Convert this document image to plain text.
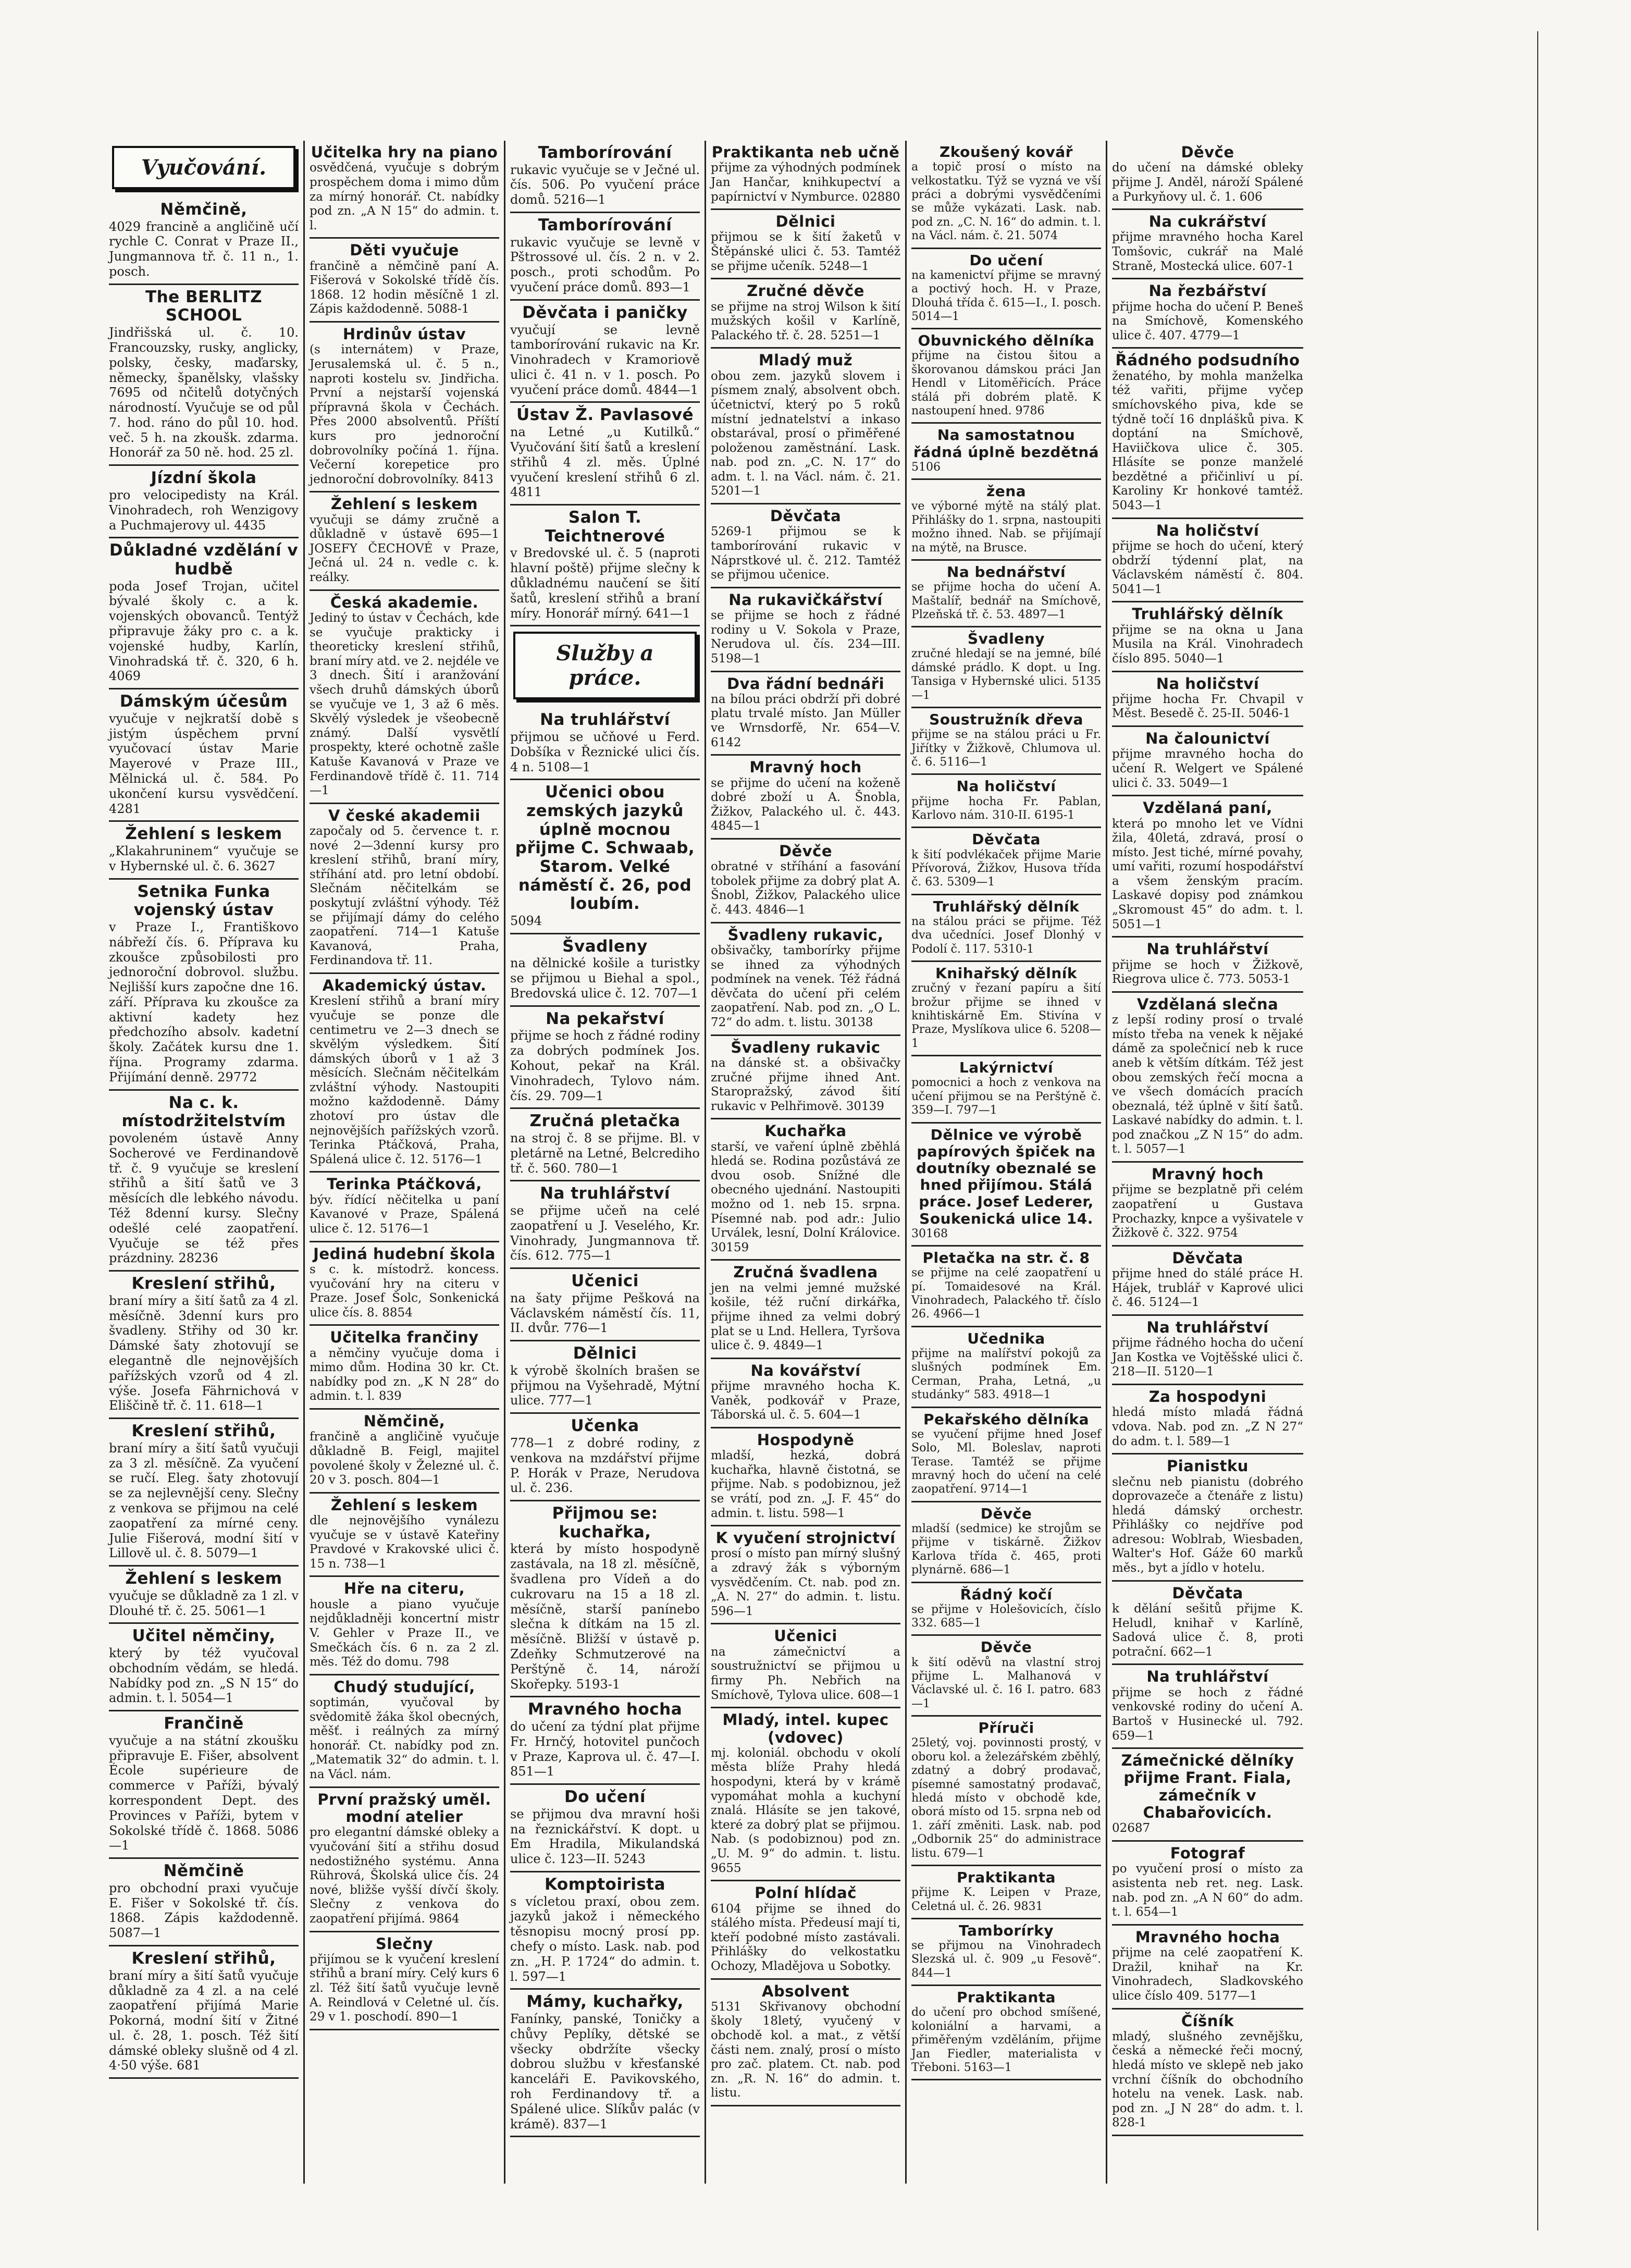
Vyučování.
Němčině,
4029 francině a angličině učí rychle C. Conrat v Praze II., Jungmannova tř. č. 11 n., 1. posch.
The BERLITZ SCHOOL
Jindřišská ul. č. 10. Francouzsky, rusky, anglicky, polsky, česky, maďarsky, německy, španělsky, vlašsky 7695 od nčitelů dotyčných národností. Vyučuje se od půl 7. hod. ráno do půl 10. hod. več. 5 h. na zkoušk. zdarma. Honorář za 50 ně. hod. 25 zl.
Jízdní škola
pro velocipedisty na Král. Vinohradech, roh Wenzigovy a Puchmajerovy ul. 4435
Důkladné vzdělání v hudbě
poda Josef Trojan, učitel bývalé školy c. a k. vojenských obovanců. Tentýž připravuje žáky pro c. a k. vojenské hudby, Karlín, Vinohradská tř. č. 320, 6 h. 4069
Dámským účesům
vyučuje v nejkratší době s jistým úspěchem první vyučovací ústav Marie Mayerové v Praze III., Mělnická ul. č. 584. Po ukončení kursu vysvědčení. 4281
Žehlení s leskem
„Klakahruninem“ vyučuje se v Hybernské ul. č. 6. 3627
Setnika Funka vojenský ústav
v Praze I., Františkovo nábřeží čís. 6. Příprava ku zkoušce způsobilosti pro jednoroční dobrovol. službu. Nejlišší kurs započne dne 16. září. Příprava ku zkoušce za aktivní kadety hez předchozího absolv. kadetní školy. Začátek kursu dne 1. října. Programy zdarma. Přijímání denně. 29772
Na c. k. místodržitelstvím
povoleném ústavě Anny Socherové ve Ferdinandově tř. č. 9 vyučuje se kreslení střihů a šití šatů ve 3 měsících dle lebkého návodu. Též 8denní kursy. Slečny odešlé celé zaopatření. Vyučuje se též přes prázdniny. 28236
Kreslení střihů,
braní míry a šití šatů za 4 zl. měsíčně. 3denní kurs pro švadleny. Střihy od 30 kr. Dámské šaty zhotovují se elegantně dle nejnovějších pařížských vzorů od 4 zl. výše. Josefa Fährnichová v Eliščině tř. č. 11. 618—1
Kreslení střihů,
braní míry a šití šatů vyučuji za 3 zl. měsíčně. Za vyučení se ručí. Eleg. šaty zhotovují se za nejlevnější ceny. Slečny z venkova se přijmou na celé zaopatření za mírné ceny. Julie Fišerová, modní šití v Lillově ul. č. 8. 5079—1
Žehlení s leskem
vyučuje se důkladně za 1 zl. v Dlouhé tř. č. 25. 5061—1
Učitel němčiny,
který by též vyučoval obchodním vědám, se hledá. Nabídky pod zn. „S N 15“ do admin. t. l. 5054—1
Frančině
vyučuje a na státní zkoušku připravuje E. Fišer, absolvent École supérieure de commerce v Paříži, bývalý korrespondent Dept. des Provinces v Paříži, bytem v Sokolské třídě č. 1868. 5086—1
Němčině
pro obchodní praxi vyučuje E. Fišer v Sokolské tř. čís. 1868. Zápis každodenně. 5087—1
Kreslení střihů,
braní míry a šití šatů vyučuje důkladně za 4 zl. a na celé zaopatření přijímá Marie Pokorná, modní šití v Žitné ul. č. 28, 1. posch. Též šití dámské obleky slušně od 4 zl. 4·50 výše. 681
Učitelka hry na piano
osvědčená, vyučuje s dobrým prospěchem doma i mimo dům za mírný honorář. Ct. nabídky pod zn. „A N 15“ do admin. t. l.
Děti vyučuje
frančině a němčině paní A. Fišerová v Sokolské třídě čís. 1868. 12 hodin měsíčně 1 zl. Zápis každodenně. 5088-1
Hrdinův ústav
(s internátem) v Praze, Jerusalemská ul. č. 5 n., naproti kostelu sv. Jindřicha. První a nejstarší vojenská přípravná škola v Čechách. Přes 2000 absolventů. Příští kurs pro jednoroční dobrovolníky počíná 1. října. Večerní korepetice pro jednoroční dobrovolníky. 8413
Žehlení s leskem
vyučuji se dámy zručně a důkladně v ústavě 695—1 JOSEFY ČECHOVÉ v Praze, Ječná ul. 24 n. vedle c. k. reálky.
Česká akademie.
Jediný to ústav v Čechách, kde se vyučuje prakticky i theoreticky kreslení střihů, braní míry atd. ve 2. nejdéle ve 3 dnech. Šití i aranžování všech druhů dámských úborů se vyučuje ve 1, 3 až 6 měs. Skvělý výsledek je všeobecně známý. Další vysvětlí prospekty, které ochotně zašle Katuše Kavanová v Praze ve Ferdinandově třídě č. 11. 714—1
V české akademii
započaly od 5. července t. r. nové 2—3denní kursy pro kreslení střihů, braní míry, stříhání atd. pro letní období. Slečnám něčitelkám se poskytují zvláštní výhody. Též se přijímají dámy do celého zaopatření. 714—1 Katuše Kavanová, Praha, Ferdinandova tř. 11.
Akademický ústav.
Kreslení střihů a braní míry vyučuje se ponze dle centimetru ve 2—3 dnech se skvělým výsledkem. Šití dámských úborů v 1 až 3 měsících. Slečnám něčitelkám zvláštní výhody. Nastoupiti možno každodenně. Dámy zhotoví pro ústav dle nejnovějších pařížských vzorů. Terinka Ptáčková, Praha, Spálená ulice č. 12. 5176—1
Terinka Ptáčková,
býv. řídící něčitelka u paní Kavanové v Praze, Spálená ulice č. 12. 5176—1
Jediná hudební škola
s c. k. místodrž. koncess. vyučování hry na citeru v Praze. Josef Šolc, Sonkenická ulice čís. 8. 8854
Učitelka frančiny
a němčiny vyučuje doma i mimo dům. Hodina 30 kr. Ct. nabídky pod zn. „K N 28“ do admin. t. l. 839
Němčině,
frančině a angličině vyučuje důkladně B. Feigl, majitel povolené školy v Železné ul. č. 20 v 3. posch. 804—1
Žehlení s leskem
dle nejnovějšího vynálezu vyučuje se v ústavě Kateřiny Pravdové v Krakovské ulici č. 15 n. 738—1
Hře na citeru,
housle a piano vyučuje nejdůkladněji koncertní mistr V. Gehler v Praze II., ve Smečkách čís. 6 n. za 2 zl. měs. Též do domu. 798
Chudý studující,
soptimán, vyučoval by svědomitě žáka škol obecných, měšť. i reálných za mírný honorář. Ct. nabídky pod zn. „Matematik 32“ do admin. t. l. na Václ. nám.
První pražský uměl. modní atelier
pro elegantní dámské obleky a vyučování šití a střihu dosud nedostižného systému. Anna Rührová, Školská ulice čís. 24 nové, bližše vyšší dívčí školy. Slečny z venkova do zaopatření přijímá. 9864
Slečny
přijímou se k vyučení kreslení střihů a braní míry. Celý kurs 6 zl. Též šití šatů vyučuje levně A. Reindlová v Celetné ul. čís. 29 v 1. poschodí. 890—1
Tamborírování
rukavic vyučuje se v Ječné ul. čís. 506. Po vyučení práce domů. 5216—1
Tamborírování
rukavic vyučuje se levně v Pštrossové ul. čís. 2 n. v 2. posch., proti schodům. Po vyučení práce domů. 893—1
Děvčata i paničky
vyučují se levně tamborírování rukavic na Kr. Vinohradech v Kramoriově ulici č. 41 n. v 1. posch. Po vyučení práce domů. 4844—1
Ústav Ž. Pavlasové
na Letné „u Kutilků.“ Vyučování šití šatů a kreslení střihů 4 zl. měs. Úplné vyučení kreslení střihů 6 zl. 4811
Salon T. Teichtnerové
v Bredovské ul. č. 5 (naproti hlavní poště) přijme slečny k důkladnému naučení se šití šatů, kreslení střihů a braní míry. Honorář mírný. 641—1
Služby a práce.
Na truhlářství
přijmou se učňové u Ferd. Dobšíka v Řeznické ulici čís. 4 n. 5108—1
Učenici obou zemských jazyků úplně mocnou přijme C. Schwaab, Starom. Velké náměstí č. 26, pod loubím.
5094
Švadleny
na dělnické košile a turistky se přijmou u Biehal a spol., Bredovská ulice č. 12. 707—1
Na pekařství
přijme se hoch z řádné rodiny za dobrých podmínek Jos. Kohout, pekař na Král. Vinohradech, Tylovo nám. čís. 29. 709—1
Zručná pletačka
na stroj č. 8 se přijme. Bl. v pletárně na Letné, Belcrediho tř. č. 560. 780—1
Na truhlářství
se přijme učeň na celé zaopatření u J. Veselého, Kr. Vinohrady, Jungmannova tř. čís. 612. 775—1
Učenici
na šaty přijme Pešková na Václavském náměstí čís. 11, II. dvůr. 776—1
Dělnici
k výrobě školních brašen se přijmou na Vyšehradě, Mýtní ulice. 777—1
Učenka
778—1 z dobré rodiny, z venkova na mzdářství přijme P. Horák v Praze, Nerudova ul. č. 236.
Přijmou se: kuchařka,
která by místo hospodyně zastávala, na 18 zl. měsíčně, švadlena pro Vídeň a do cukrovaru na 15 a 18 zl. měsíčně, starší panínebo slečna k dítkám na 15 zl. měsíčně. Bližší v ústavě p. Zdeňky Schmutzerové na Perštýně č. 14, nároží Skořepky. 5193-1
Mravného hocha
do učení za týdní plat přijme Fr. Hrnčý, hotovitel punčoch v Praze, Kaprova ul. č. 47—I. 851—1
Do učení
se přijmou dva mravní hoši na řeznickářství. K dopt. u Em Hradila, Mikulandská ulice č. 123—II. 5243
Komptoiristа
s vícletou praxí, obou zem. jazyků jakož i německého těsnopisu mocný prosí pp. chefy o místo. Lask. nab. pod zn. „H. P. 1724“ do admin. t. l. 597—1
Mámy, kuchařky,
Fanínky, panské, Toničky a chůvy Peplíky, dětské se všecky obdržíte všecky dobrou službu v křesťanské kanceláři E. Pavikovského, roh Ferdinandovy tř. a Spálené ulice. Slíkův palác (v krámě). 837—1
Praktikanta neb učně
přijme za výhodných podmínek Jan Hančar, knihkupectví a papírnictví v Nymburce. 02880
Dělnici
přijmou se k šití žaketů v Štěpánské ulici č. 53. Tamtéž se přijme učeník. 5248—1
Zručné děvče
se přijme na stroj Wilson k šití mužských košil v Karlíně, Palackého tř. č. 28. 5251—1
Mladý muž
obou zem. jazyků slovem i písmem znalý, absolvent obch. účetnictví, který po 5 roků místní jednatelství a inkaso obstarával, prosí o přiměřené položenou zaměstnání. Lask. nab. pod zn. „C. N. 17“ do adm. t. l. na Václ. nám. č. 21. 5201—1
Děvčata
5269-1 přijmou se k tamborírování rukavic v Náprstkové ul. č. 212. Tamtéž se přijmou učenice.
Na rukavičkářství
se přijme se hoch z řádné rodiny u V. Sokola v Praze, Nerudova ul. čís. 234—III. 5198—1
Dva řádní bednáři
na bílou práci obdrží při dobré platu trvalé místo. Jan Müller ve Wrnsdorfě, Nr. 654—V. 6142
Mravný hoch
se přijme do učení na koženě dobré zboží u A. Šnobla, Žižkov, Palackého ul. č. 443. 4845—1
Děvče
obratné v stříhání a fasování tobolek přijme za dobrý plat A. Šnobl, Žižkov, Palackého ulice č. 443. 4846—1
Švadleny rukavic,
obšivačky, tamborírky přijme se ihned za výhodných podmínek na venek. Též řádná děvčata do učení při celém zaopatření. Nab. pod zn. „O L. 72“ do adm. t. listu. 30138
Švadleny rukavic
na dánské st. a obšivačky zručné přijme ihned Ant. Staropražský, závod šití rukavic v Pelhřimově. 30139
Kuchařka
starší, ve vaření úplně zběhlá hledá se. Rodina pozůstává ze dvou osob. Snížné dle obecného ujednání. Nastoupiti možno od 1. neb 15. srpna. Písemné nab. pod adr.: Julio Urválek, lesní, Dolní Královice. 30159
Zručná švadlena
jen na velmi jemné mužské košile, též ruční dirkářka, přijme ihned za velmi dobrý plat se u Lnd. Hellera, Tyršova ulice č. 9. 4849—1
Na kovářství
přijme mravného hocha K. Vaněk, podkovář v Praze, Táborská ul. č. 5. 604—1
Hospodyně
mladší, hezká, dobrá kuchařka, hlavně čistotná, se přijme. Nab. s podobiznou, jež se vrátí, pod zn. „J. F. 45“ do admin. t. listu. 598—1
K vyučení strojnictví
prosí o místo pan mírný slušný a zdravý žák s výborným vysvědčením. Ct. nab. pod zn. „A. N. 27“ do admin. t. listu. 596—1
Učenici
na zámečnictví a soustružnictví se přijmou u firmy Ph. Nebřich na Smíchově, Tylova ulice. 608—1
Mladý, intel. kupec (vdovec)
mj. koloniál. obchodu v okolí města blíže Prahy hledá hospodyni, která by v krámě vypomáhat mohla a kuchyní znalá. Hlásíte se jen takové, které za dobrý plat se přijmou. Nab. (s podobiznou) pod zn. „U. M. 9“ do admin. t. listu. 9655
Polní hlídač
6104 přijme se ihned do stálého místa. Předeusí mají ti, kteří podobné místo zastávali. Přihlášky do velkostatku Ochozy, Mladějova u Sobotky.
Absolvent
5131 Skřivanovy obchodní školy 18letý, vyučený v obchodě kol. a mat., z větší části nem. znalý, prosí o místo pro zač. platem. Ct. nab. pod zn. „R. N. 16“ do admin. t. listu.
Zkoušený kovář
a topič prosí o místo na velkostatku. Týž se vyzná ve vší práci a dobrými vysvědčeními se může vykázati. Lask. nab. pod zn. „C. N. 16“ do admin. t. l. na Václ. nám. č. 21. 5074
Do učení
na kamenictví přijme se mravný a poctivý hoch. H. v Praze, Dlouhá třída č. 615—I., I. posch. 5014—1
Obuvnického dělníka
přijme na čistou šitou a škorovanou dámskou práci Jan Hendl v Litoměřicích. Práce stálá při dobrém platě. K nastoupení hned. 9786
Na samostatnou řádná úplně bezdětná
5106
žena
ve výborné mýtě na stálý plat. Přihlášky do 1. srpna, nastoupiti možno ihned. Nab. se přijímají na mýtě, na Brusce.
Na bednářství
se přijme hocha do učení A. Maštalíř, bednář na Smíchově, Plzeňská tř. č. 53. 4897—1
Švadleny
zručné hledají se na jemné, bílé dámské prádlo. K dopt. u Ing. Tansiga v Hybernské ulici. 5135—1
Soustružník dřeva
přijme se na stálou práci u Fr. Jiřítky v Žižkově, Chlumova ul. č. 6. 5116—1
Na holičství
přijme hocha Fr. Pablan, Karlovo nám. 310-II. 6195-1
Děvčata
k šití podvlékaček přijme Marie Přívorová, Žižkov, Husova třída č. 63. 5309—1
Truhlářský dělník
na stálou práci se přijme. Též dva učedníci. Josef Dlonhý v Podolí č. 117. 5310-1
Knihařský dělník
zručný v řezaní papíru a šití brožur přijme se ihned v knihtiskárně Em. Stivína v Praze, Myslíkova ulice 6. 5208—1
Lakýrnictví
pomocnici a hoch z venkova na učení přijmou se na Perštýně č. 359—I. 797—1
Dělnice ve výrobě papírových špiček na doutníky obeznalé se hned přijímou. Stálá práce. Josef Lederer, Soukenická ulice 14.
30168
Pletačka na str. č. 8
se přijme na celé zaopatření u pí. Tomaidesové na Král. Vinohradech, Palackého tř. číslo 26. 4966—1
Učednika
přijme na malířství pokojů za slušných podmínek Em. Cerman, Praha, Letná, „u studánky“ 583. 4918—1
Pekařského dělníka
se vyučení přijme hned Josef Solo, Ml. Boleslav, naproti Terase. Tamtéž se přijme mravný hoch do učení na celé zaopatření. 9714—1
Děvče
mladší (sedmice) ke strojům se přijme v tiskárně. Žižkov Karlova třída č. 465, proti plynárně. 686—1
Řádný kočí
se přijme v Holešovicích, číslo 332. 685—1
Děvče
k šití oděvů na vlastní stroj přijme L. Malhanová v Václavské ul. č. 16 I. patro. 683—1
Příruči
25letý, voj. povinnosti prostý, v oboru kol. a železářském zběhlý, zdatný a dobrý prodavač, písemné samostatný prodavač, hledá místo v obchodě kde, oborá místo od 15. srpna neb od 1. září změniti. Lask. nab. pod „Odbornik 25“ do administrace listu. 679—1
Praktikanta
přijme K. Leipen v Praze, Celetná ul. č. 26. 9831
Tamborírky
se přijmou na Vinohradech Slezská ul. č. 909 „u Fesově“. 844—1
Praktikanta
do učení pro obchod smíšené, koloniální a harvami, a přiměřeným vzděláním, přijme Jan Fiedler, materialista v Třeboni. 5163—1
Děvče
do učení na dámské obleky přijme J. Anděl, nároží Spálené a Purkyňovy ul. č. 1. 606
Na cukrářství
přijme mravného hocha Karel Tomšovic, cukrář na Malé Straně, Mostecká ulice. 607-1
Na řezbářství
přijme hocha do učení P. Beneš na Smíchově, Komenského ulice č. 407. 4779—1
Řádného podsudního
ženatého, by mohla manželka též vařiti, přijme vyčep smíchovského piva, kde se týdně točí 16 dnplášků piva. K doptání na Smíchově, Haviičkova ulice č. 305. Hlásíte se ponze manželé bezdětné a přičinliví u pí. Karoliny Kr honkové tamtéž. 5043—1
Na holičství
přijme se hoch do učení, který obdrží týdenní plat, na Václavském náměstí č. 804. 5041—1
Truhlářský dělník
přijme se na okna u Jana Musila na Král. Vinohradech číslo 895. 5040—1
Na holičství
přijme hocha Fr. Chvapil v Měst. Besedě č. 25-II. 5046-1
Na čalounictví
přijme mravného hocha do učení R. Welgert ve Spálené ulici č. 33. 5049—1
Vzdělaná paní,
která po mnoho let ve Vídni žila, 40letá, zdravá, prosí o místo. Jest tiché, mírné povahy, umí vařiti, rozumí hospodářství a všem ženským pracím. Laskavé dopisy pod známkou „Skromoust 45“ do adm. t. l. 5051—1
Na truhlářství
přijme se hoch v Žižkově, Riegrova ulice č. 773. 5053-1
Vzdělaná slečna
z lepší rodiny prosí o trvalé místo třeba na venek k nějaké dámě za společnicí neb k ruce aneb k větším dítkám. Též jest obou zemských řečí mocna a ve všech domácích pracích obeznalá, též úplně v šití šatů. Laskavé nabídky do admin. t. l. pod značkou „Z N 15“ do adm. t. l. 5057—1
Mravný hoch
přijme se bezplatně při celém zaopatření u Gustava Prochazky, knpce a vyšivatele v Žižkově č. 322. 9754
Děvčata
přijme hned do stálé práce H. Hájek, trublář v Kaprové ulici č. 46. 5124—1
Na truhlářství
přijme řádného hocha do učení Jan Kostka ve Vojtěšské ulici č. 218—II. 5120—1
Za hospodyni
hledá místo mladá řádná vdova. Nab. pod zn. „Z N 27“ do adm. t. l. 589—1
Pianistku
slečnu neb pianistu (dobrého doprovazeče a čtenáře z listu) hledá dámský orchestr. Přihlášky co nejdříve pod adresou: Woblrab, Wiesbaden, Walter's Hof. Gáže 60 marků měs., byt a jídlo v hotelu.
Děvčata
k dělání sešitů přijme K. Heludl, knihař v Karlíně, Sadová ulice č. 8, proti potrační. 662—1
Na truhlářství
přijme se hoch z řádné venkovské rodiny do učení A. Bartoš v Husinecké ul. 792. 659—1
Zámečnické dělníky přijme Frant. Fiala, zámečník v Chabařovicích.
02687
Fotograf
po vyučení prosí o místo za asistenta neb ret. neg. Lask. nab. pod zn. „A N 60“ do adm. t. l. 654—1
Mravného hocha
přijme na celé zaopatření K. Dražil, knihař na Kr. Vinohradech, Sladkovského ulice číslo 409. 5177—1
Číšník
mladý, slušného zevnějšku, česká a německé řeči mocný, hledá místo ve sklepě neb jako vrchní číšník do obchodního hotelu na venek. Lask. nab. pod zn. „J N 28“ do adm. t. l. 828-1
